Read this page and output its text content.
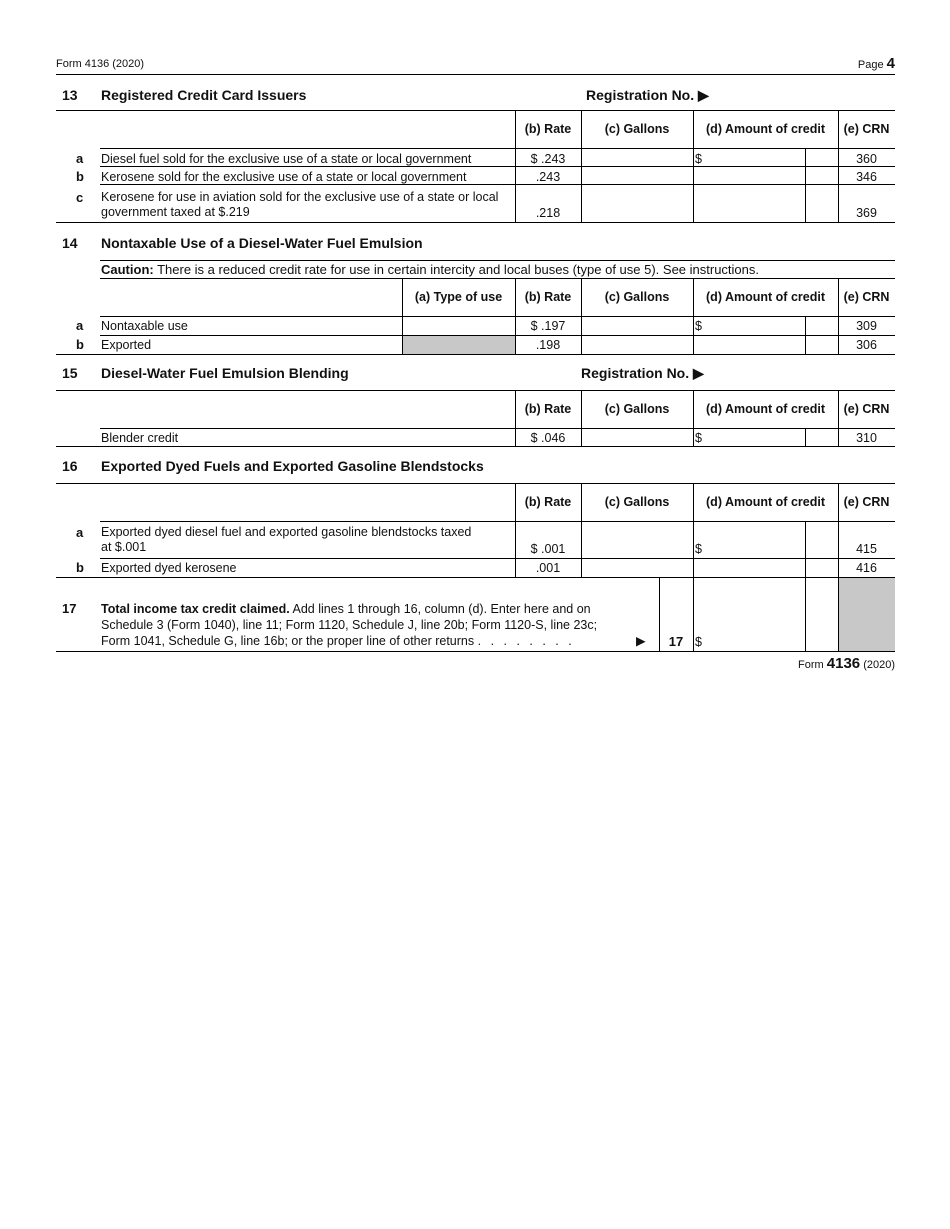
Form 4136 (2020)	Page 4
13 Registered Credit Card Issuers	Registration No. ▶
(b) Rate	(c) Gallons	(d) Amount of credit	(e) CRN
a Diesel fuel sold for the exclusive use of a state or local government	$ .243	$	360
b Kerosene sold for the exclusive use of a state or local government	.243	346
c Kerosene for use in aviation sold for the exclusive use of a state or local
government taxed at $.219	.218	369
14 Nontaxable Use of a Diesel-Water Fuel Emulsion
Caution: There is a reduced credit rate for use in certain intercity and local buses (type of use 5). See instructions.
(a) Type of use	(b) Rate	(c) Gallons	(d) Amount of credit	(e) CRN
a Nontaxable use	$ .197	$	309
b Exported	.198	306
15 Diesel-Water Fuel Emulsion Blending	Registration No. ▶
(b) Rate	(c) Gallons	(d) Amount of credit	(e) CRN
Blender credit	$ .046	$	310
16 Exported Dyed Fuels and Exported Gasoline Blendstocks
(b) Rate	(c) Gallons	(d) Amount of credit	(e) CRN
a Exported dyed diesel fuel and exported gasoline blendstocks taxed
at $.001	$ .001	$	415
b Exported dyed kerosene	.001	416
17 Total income tax credit claimed. Add lines 1 through 16, column (d). Enter here and on
Schedule 3 (Form 1040), line 11; Form 1120, Schedule J, line 20b; Form 1120-S, line 23c;
Form 1041, Schedule G, line 16b; or the proper line of other returns . . . . . . . .	▶	17 $
Form 4136 (2020)
